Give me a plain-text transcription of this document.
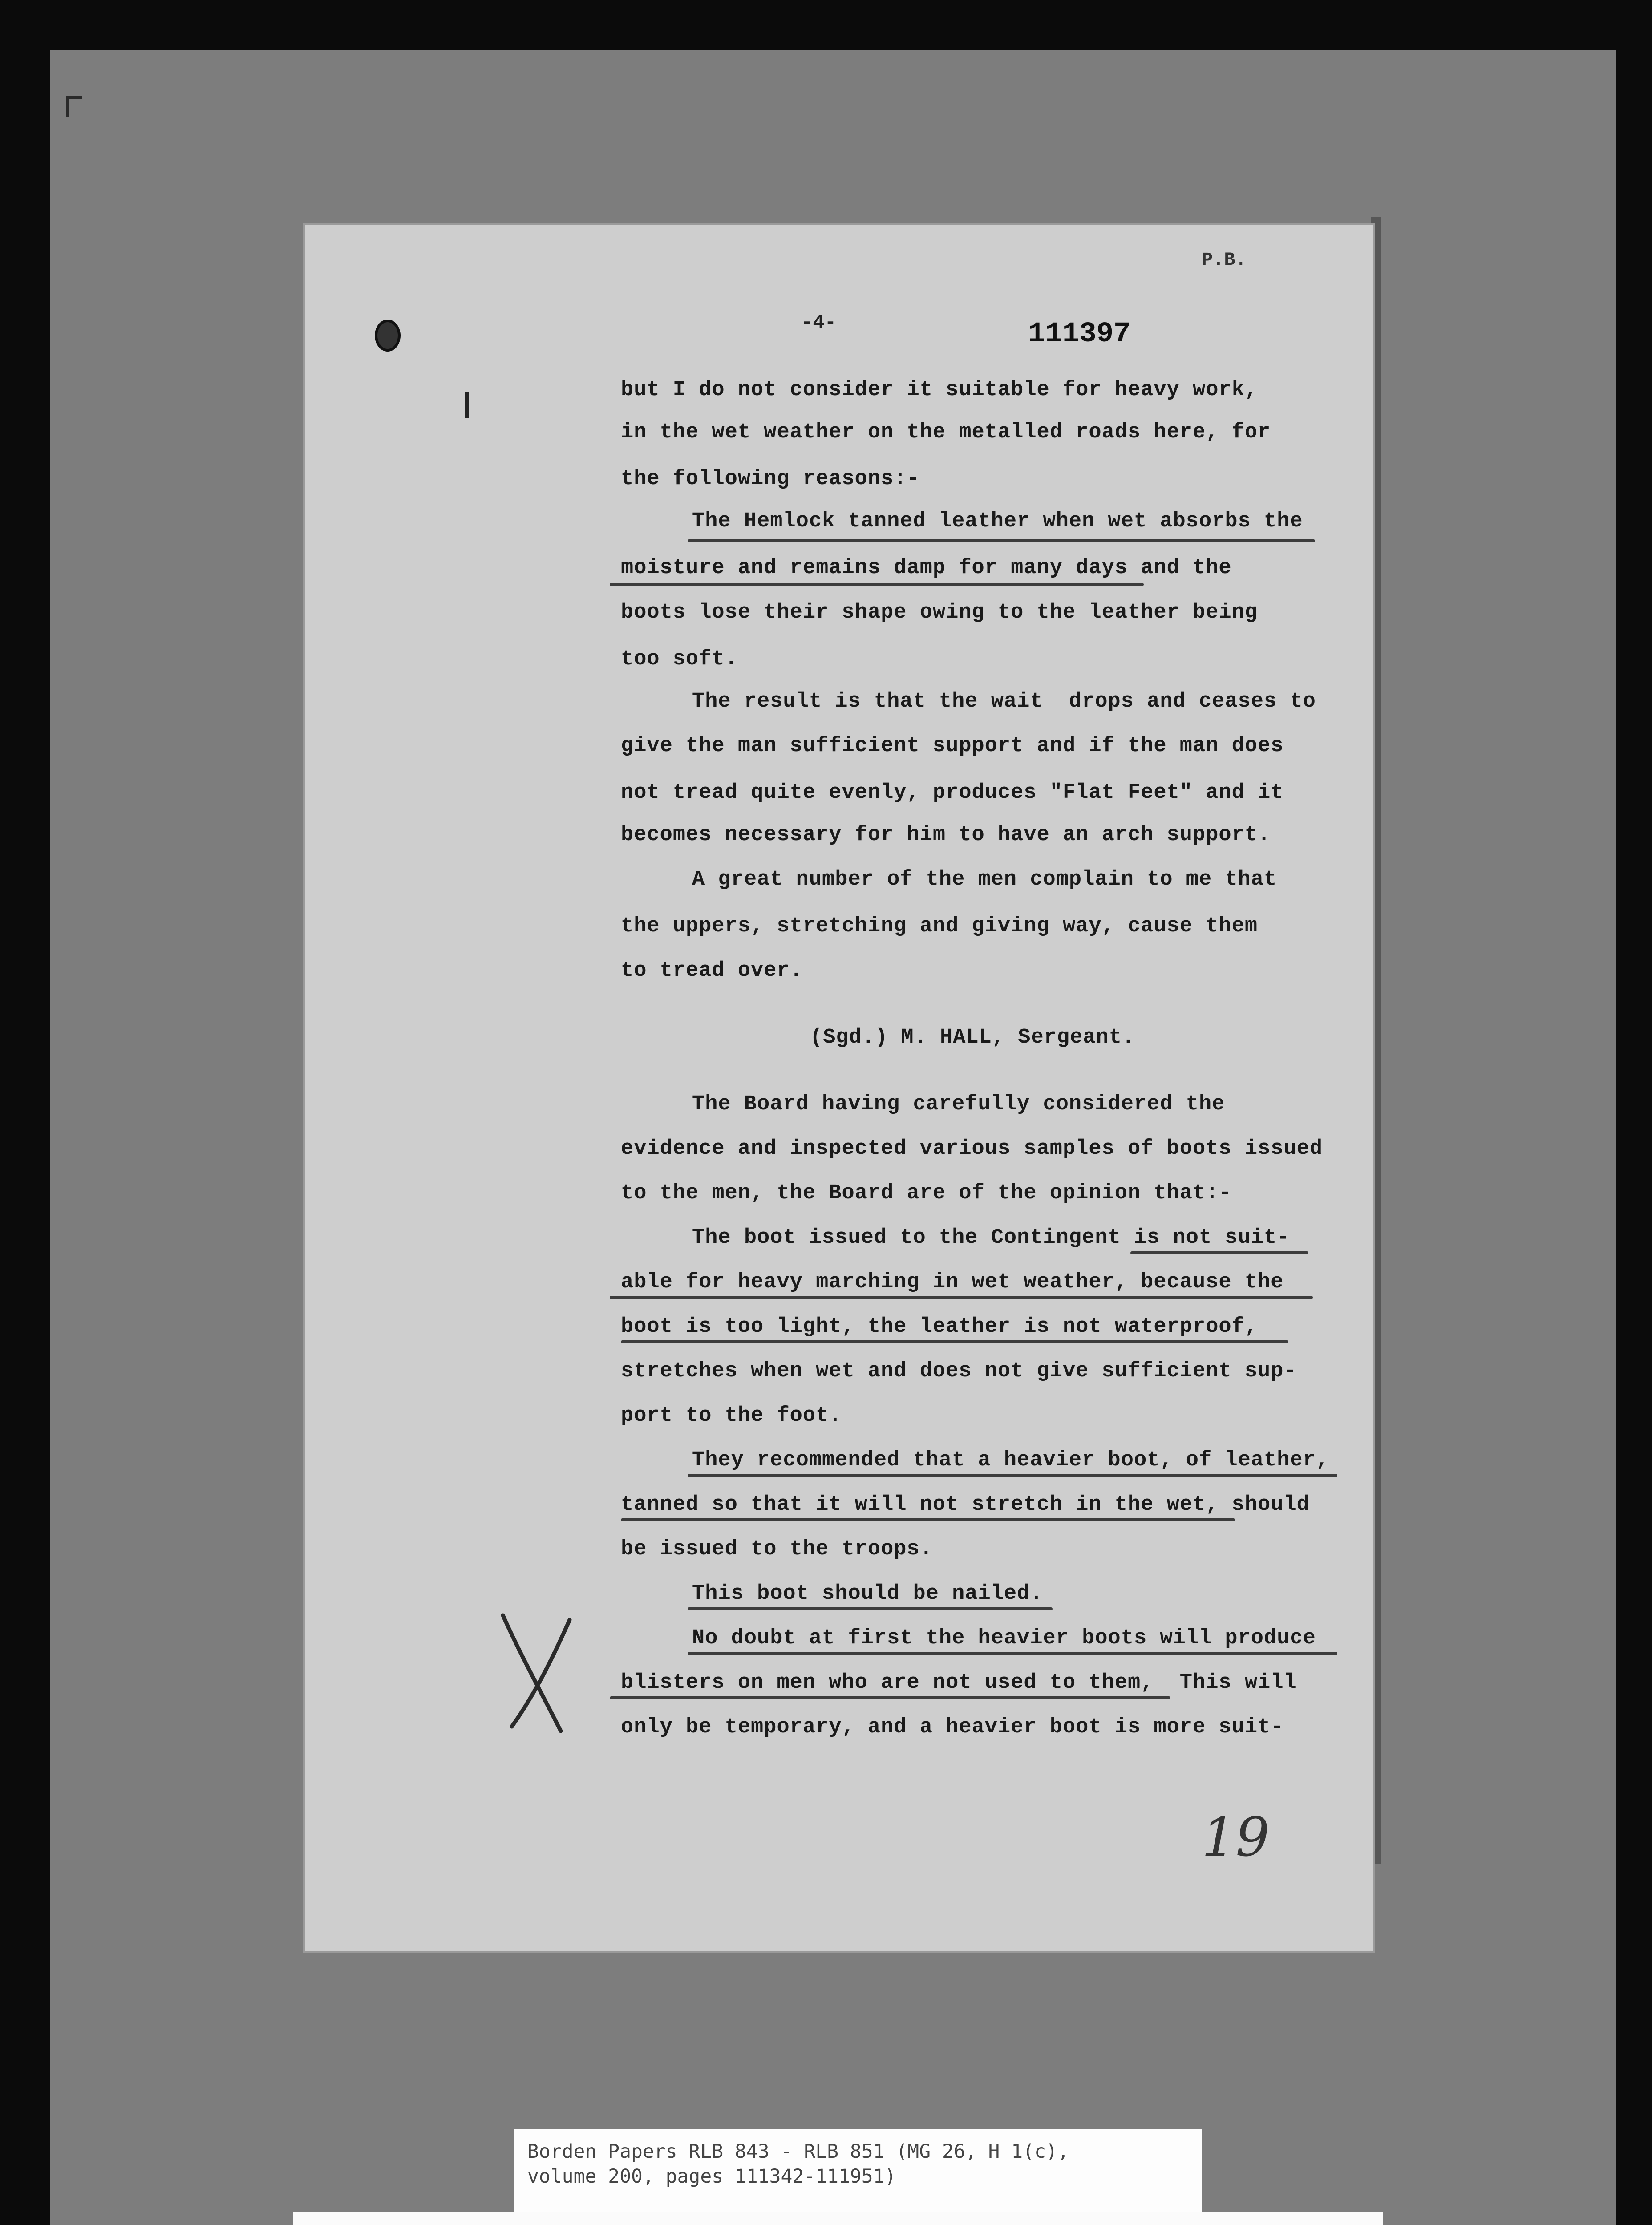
P.B.
-4-	111397
but I do not consider it suitable for heavy work,
in the wet weather on the metalled roads here, for
the following reasons:-
The Hemlock tanned leather when wet absorbs the
moisture and remains damp for many days and the
boots lose their shape owing to the leather being
too soft.
The result is that the wait  drops and ceases to
give the man sufficient support and if the man does
not tread quite evenly, produces "Flat Feet" and it
becomes necessary for him to have an arch support.
A great number of the men complain to me that
the uppers, stretching and giving way, cause them
to tread over.
(Sgd.) M. HALL, Sergeant.
The Board having carefully considered the
evidence and inspected various samples of boots issued
to the men, the Board are of the opinion that:-
The boot issued to the Contingent is not suit-
able for heavy marching in wet weather, because the
boot is too light, the leather is not waterproof,
stretches when wet and does not give sufficient sup-
port to the foot.
They recommended that a heavier boot, of leather,
tanned so that it will not stretch in the wet, should
be issued to the troops.
This boot should be nailed.
No doubt at first the heavier boots will produce
blisters on men who are not used to them,  This will
only be temporary, and a heavier boot is more suit-
19
Borden Papers RLB 843 - RLB 851 (MG 26, H 1(c),
volume 200, pages 111342-111951)
